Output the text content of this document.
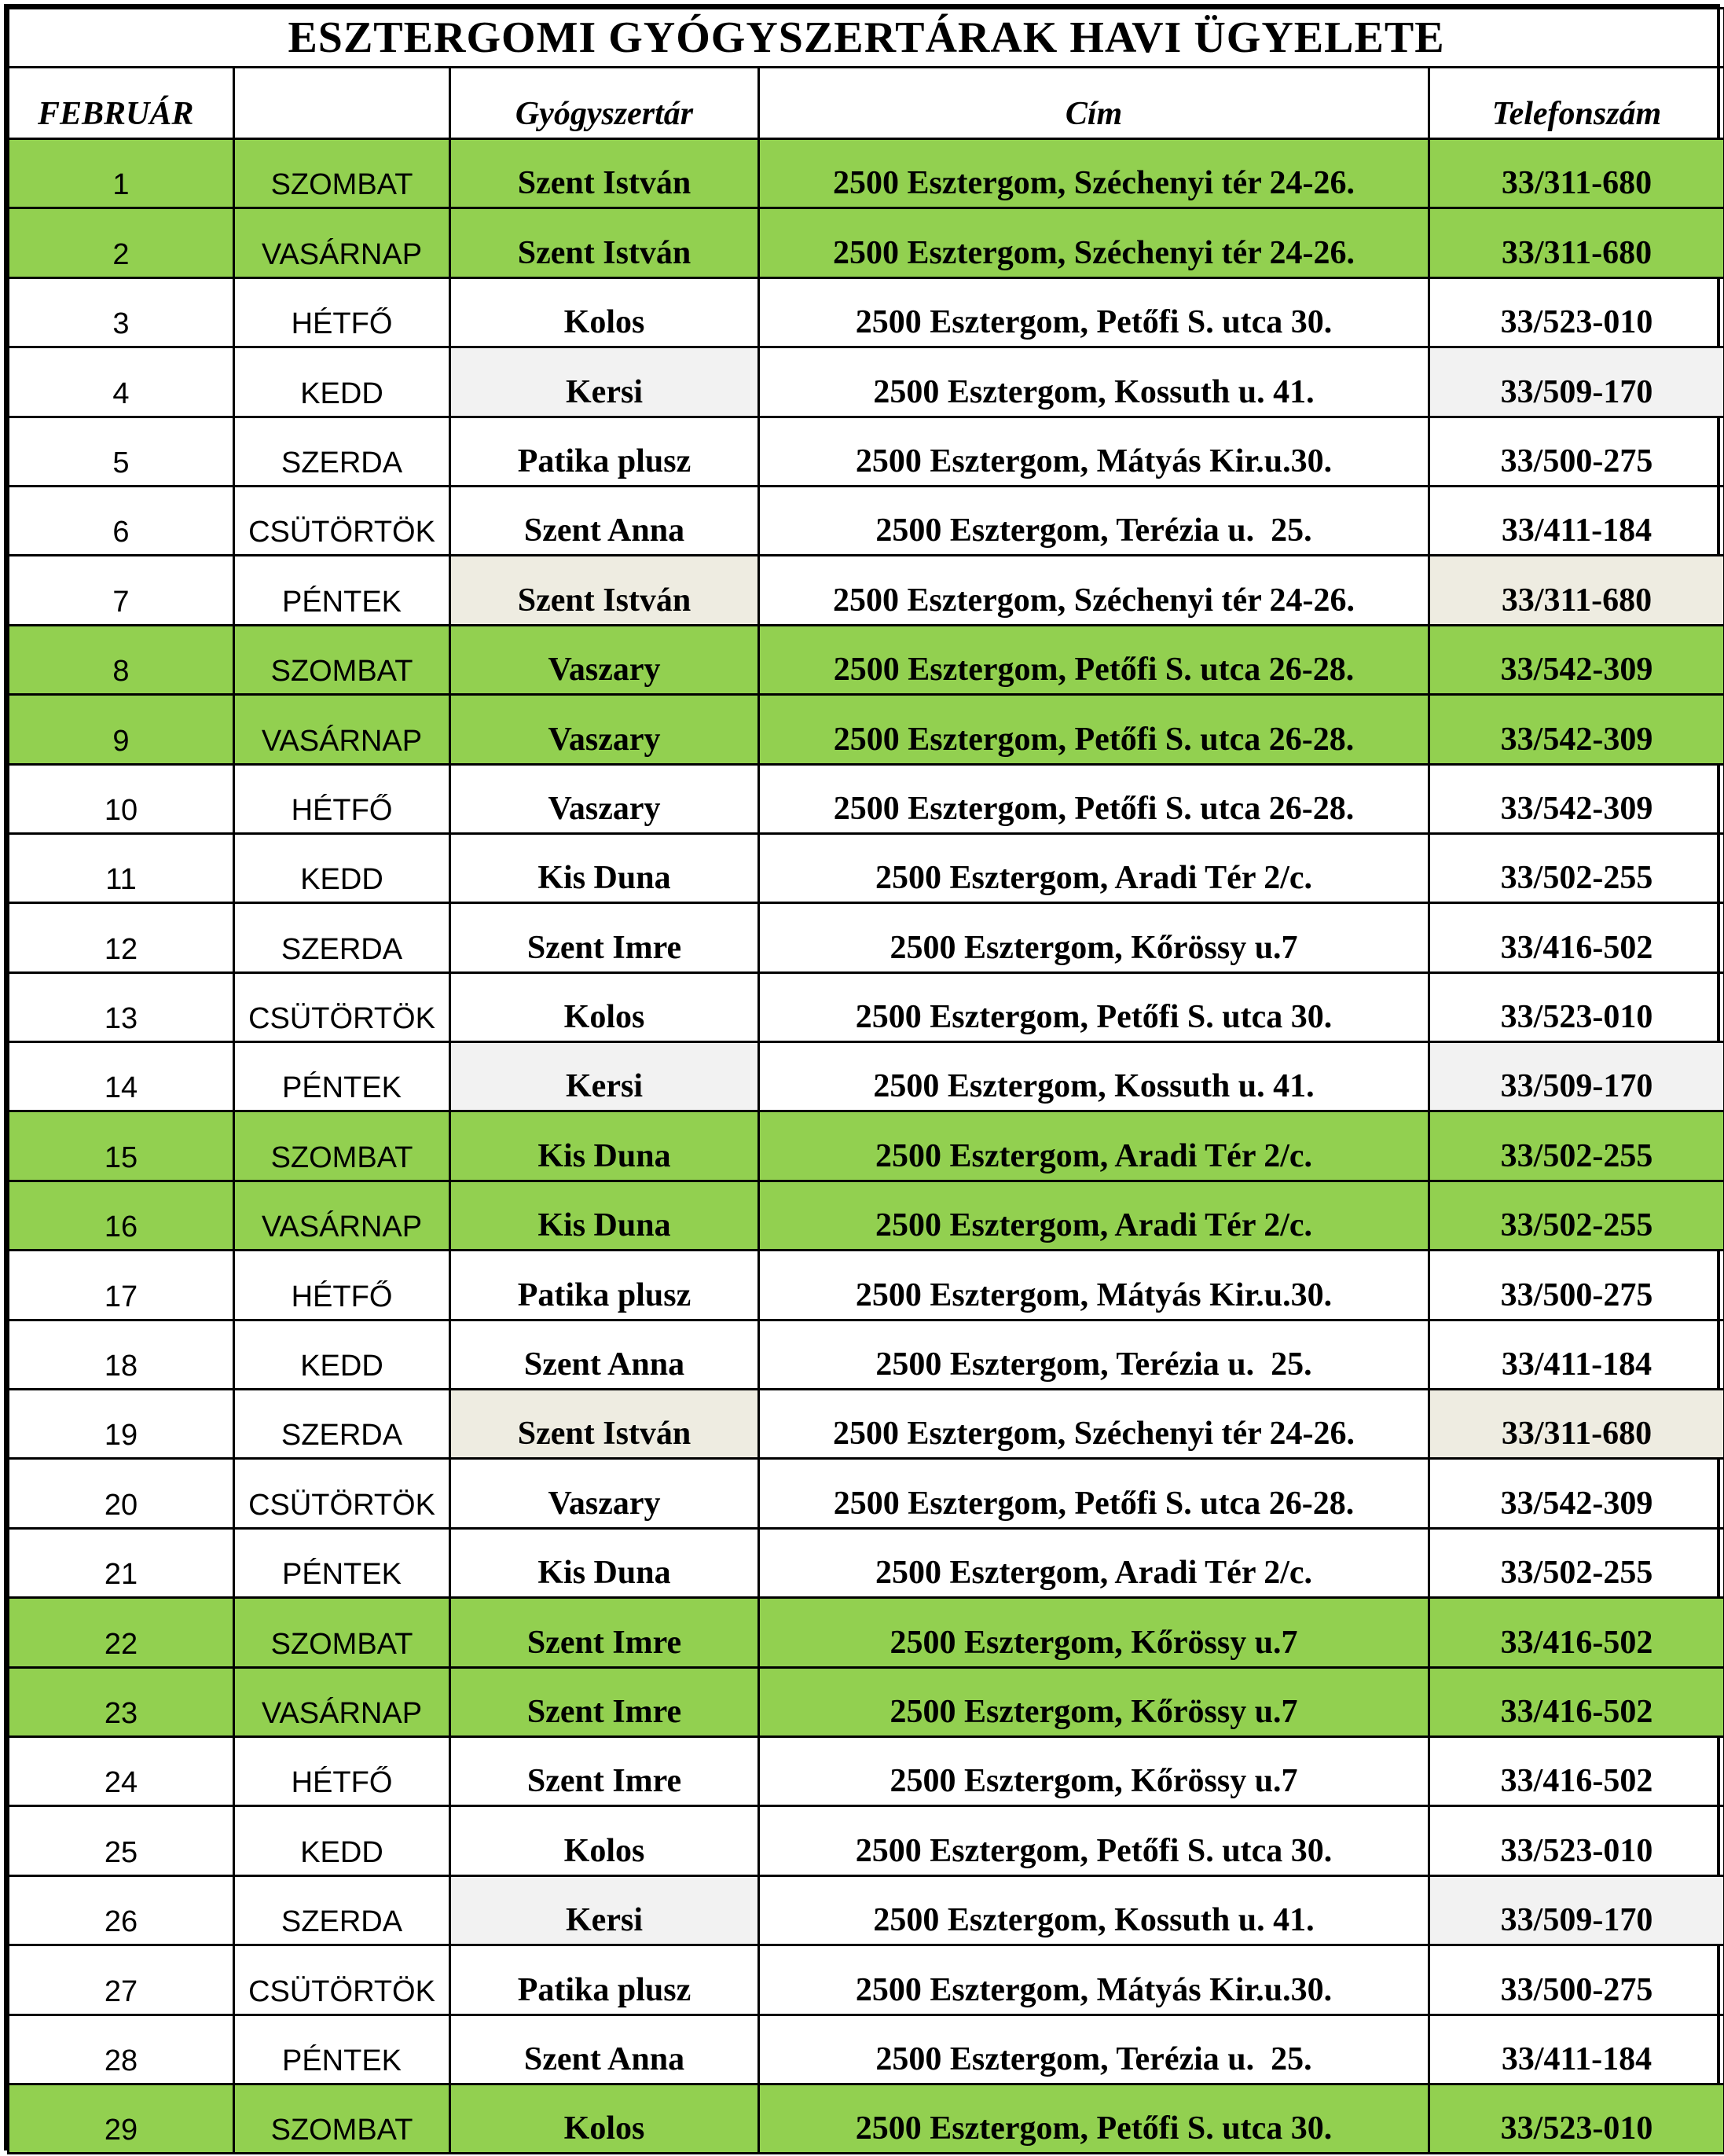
ESZTERGOMI GYÓGYSZERTÁRAK HAVI ÜGYELETE				
FEBRUÁR		Gyógyszertár	Cím	Telefonszám
1	SZOMBAT	Szent István	2500 Esztergom, Széchenyi tér 24-26.	33/311-680
2	VASÁRNAP	Szent István	2500 Esztergom, Széchenyi tér 24-26.	33/311-680
3	HÉTFŐ	Kolos	2500 Esztergom, Petőfi S. utca 30.	33/523-010
4	KEDD	Kersi	2500 Esztergom, Kossuth u. 41.	33/509-170
5	SZERDA	Patika plusz	2500 Esztergom, Mátyás Kir.u.30.	33/500-275
6	CSÜTÖRTÖK	Szent Anna	2500 Esztergom, Terézia u.  25.	33/411-184
7	PÉNTEK	Szent István	2500 Esztergom, Széchenyi tér 24-26.	33/311-680
8	SZOMBAT	Vaszary	2500 Esztergom, Petőfi S. utca 26-28.	33/542-309
9	VASÁRNAP	Vaszary	2500 Esztergom, Petőfi S. utca 26-28.	33/542-309
10	HÉTFŐ	Vaszary	2500 Esztergom, Petőfi S. utca 26-28.	33/542-309
11	KEDD	Kis Duna	2500 Esztergom, Aradi Tér 2/c.	33/502-255
12	SZERDA	Szent Imre	2500 Esztergom, Kőrössy u.7	33/416-502
13	CSÜTÖRTÖK	Kolos	2500 Esztergom, Petőfi S. utca 30.	33/523-010
14	PÉNTEK	Kersi	2500 Esztergom, Kossuth u. 41.	33/509-170
15	SZOMBAT	Kis Duna	2500 Esztergom, Aradi Tér 2/c.	33/502-255
16	VASÁRNAP	Kis Duna	2500 Esztergom, Aradi Tér 2/c.	33/502-255
17	HÉTFŐ	Patika plusz	2500 Esztergom, Mátyás Kir.u.30.	33/500-275
18	KEDD	Szent Anna	2500 Esztergom, Terézia u.  25.	33/411-184
19	SZERDA	Szent István	2500 Esztergom, Széchenyi tér 24-26.	33/311-680
20	CSÜTÖRTÖK	Vaszary	2500 Esztergom, Petőfi S. utca 26-28.	33/542-309
21	PÉNTEK	Kis Duna	2500 Esztergom, Aradi Tér 2/c.	33/502-255
22	SZOMBAT	Szent Imre	2500 Esztergom, Kőrössy u.7	33/416-502
23	VASÁRNAP	Szent Imre	2500 Esztergom, Kőrössy u.7	33/416-502
24	HÉTFŐ	Szent Imre	2500 Esztergom, Kőrössy u.7	33/416-502
25	KEDD	Kolos	2500 Esztergom, Petőfi S. utca 30.	33/523-010
26	SZERDA	Kersi	2500 Esztergom, Kossuth u. 41.	33/509-170
27	CSÜTÖRTÖK	Patika plusz	2500 Esztergom, Mátyás Kir.u.30.	33/500-275
28	PÉNTEK	Szent Anna	2500 Esztergom, Terézia u.  25.	33/411-184
29	SZOMBAT	Kolos	2500 Esztergom, Petőfi S. utca 30.	33/523-010
